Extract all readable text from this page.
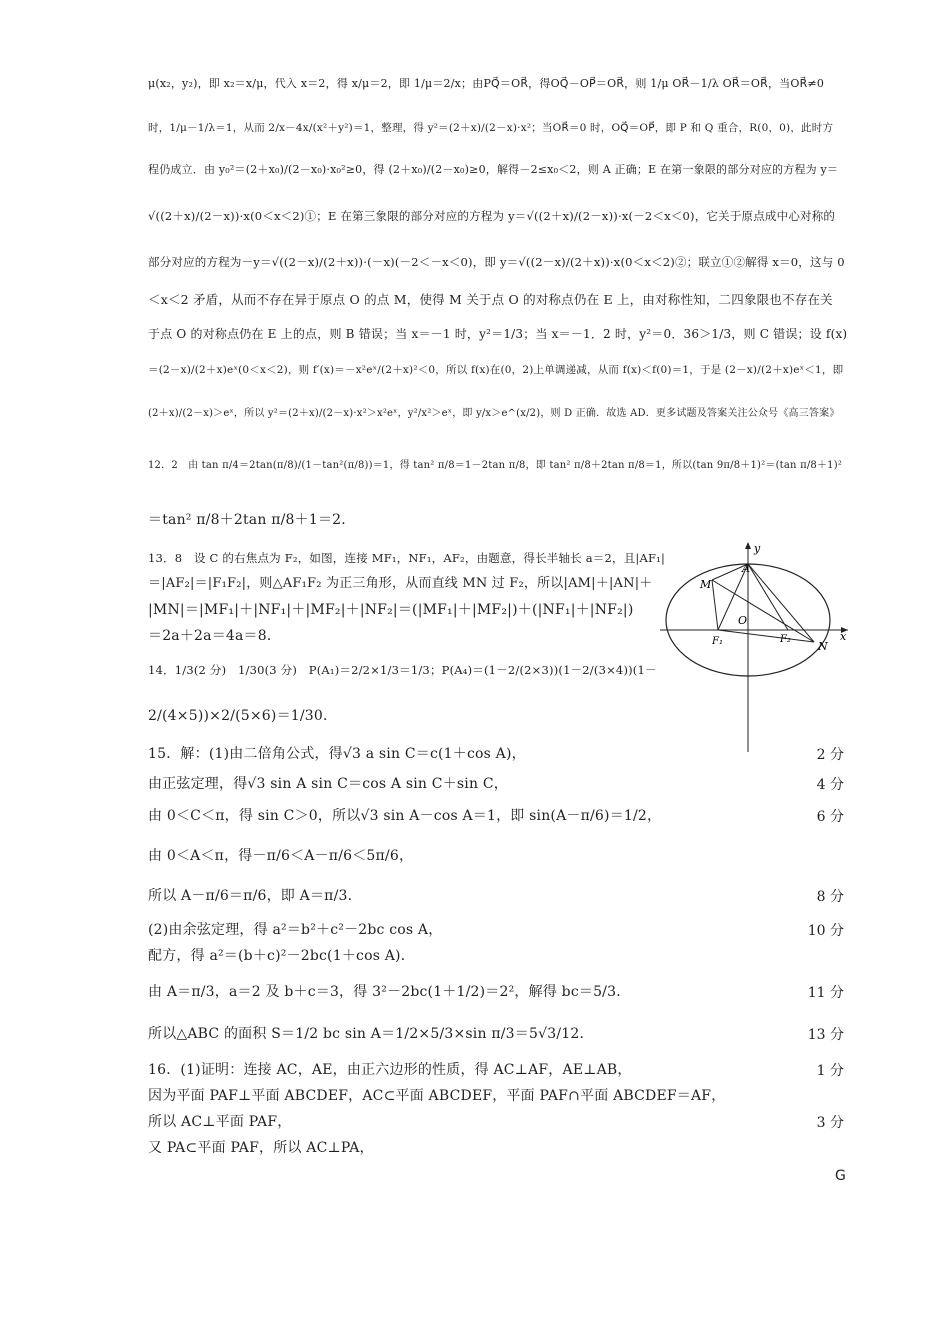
μ(x₂，y₂)，即 x₂＝x/μ，代入 x＝2，得 x/μ＝2，即 1/μ＝2/x；由PQ⃗＝OR⃗，得OQ⃗－OP⃗＝OR⃗，则 1/μ OR⃗－1/λ OR⃗＝OR⃗，当OR⃗≠0
时，1/μ－1/λ＝1，从而 2/x－4x/(x²＋y²)＝1，整理，得 y²＝(2＋x)/(2－x)·x²；当OR⃗＝0 时，OQ⃗＝OP⃗，即 P 和 Q 重合，R(0，0)，此时方
程仍成立．由 y₀²＝(2＋x₀)/(2－x₀)·x₀²≥0，得 (2＋x₀)/(2－x₀)≥0，解得－2≤x₀＜2，则 A 正确；E 在第一象限的部分对应的方程为 y＝
√((2＋x)/(2－x))·x(0＜x＜2)①；E 在第三象限的部分对应的方程为 y＝√((2＋x)/(2－x))·x(－2＜x＜0)，它关于原点成中心对称的
部分对应的方程为－y＝√((2－x)/(2＋x))·(－x)(－2＜－x＜0)，即 y＝√((2－x)/(2＋x))·x(0＜x＜2)②；联立①②解得 x＝0，这与 0
＜x＜2 矛盾，从而不存在异于原点 O 的点 M，使得 M 关于点 O 的对称点仍在 E 上，由对称性知，二四象限也不存在关
于点 O 的对称点仍在 E 上的点，则 B 错误；当 x＝－1 时，y²＝1/3；当 x＝－1．2 时，y²＝0．36＞1/3，则 C 错误；设 f(x)
＝(2－x)/(2＋x)eˣ(0＜x＜2)，则 f′(x)＝－x²eˣ/(2＋x)²＜0，所以 f(x)在(0，2)上单调递减，从而 f(x)＜f(0)＝1，于是 (2－x)/(2＋x)eˣ＜1，即
(2＋x)/(2－x)＞eˣ，所以 y²＝(2＋x)/(2－x)·x²＞x²eˣ，y²/x²＞eˣ，即 y/x＞e^(x/2)，则 D 正确．故选 AD．更多试题及答案关注公众号《高三答案》
12．2　由 tan π/4＝2tan(π/8)/(1－tan²(π/8))＝1，得 tan² π/8＝1－2tan π/8，即 tan² π/8＋2tan π/8＝1，所以(tan 9π/8＋1)²＝(tan π/8＋1)²
＝tan² π/8＋2tan π/8＋1＝2．
13．8　设 C 的右焦点为 F₂，如图，连接 MF₁，NF₁，AF₂，由题意，得长半轴长 a＝2，且|AF₁|
＝|AF₂|＝|F₁F₂|，则△AF₁F₂ 为正三角形，从而直线 MN 过 F₂，所以|AM|＋|AN|＋
|MN|＝|MF₁|＋|NF₁|＋|MF₂|＋|NF₂|＝(|MF₁|＋|MF₂|)＋(|NF₁|＋|NF₂|)
＝2a＋2a＝4a＝8．
14．1/3(2 分)　1/30(3 分)　P(A₁)＝2/2×1/3＝1/3；P(A₄)＝(1－2/(2×3))(1－2/(3×4))(1－
2/(4×5))×2/(5×6)＝1/30．
15．解：(1)由二倍角公式，得√3 a sin C＝c(1＋cos A)，	2 分
由正弦定理，得√3 sin A sin C＝cos A sin C＋sin C，	4 分
由 0＜C＜π，得 sin C＞0，所以√3 sin A－cos A＝1，即 sin(A－π/6)＝1/2，	6 分
由 0＜A＜π，得－π/6＜A－π/6＜5π/6，
所以 A－π/6＝π/6，即 A＝π/3．	8 分
(2)由余弦定理，得 a²＝b²＋c²－2bc cos A，	10 分
配方，得 a²＝(b＋c)²－2bc(1＋cos A)．
由 A＝π/3，a＝2 及 b＋c＝3，得 3²－2bc(1＋1/2)＝2²，解得 bc＝5/3．	11 分
所以△ABC 的面积 S＝1/2 bc sin A＝1/2×5/3×sin π/3＝5√3/12．	13 分
16．(1)证明：连接 AC，AE，由正六边形的性质，得 AC⊥AF，AE⊥AB，	1 分
因为平面 PAF⊥平面 ABCDEF，AC⊂平面 ABCDEF，平面 PAF∩平面 ABCDEF＝AF，
所以 AC⊥平面 PAF，	3 分
又 PA⊂平面 PAF，所以 AC⊥PA，
y
A
M
O
F₁	F₂
N
x
G
